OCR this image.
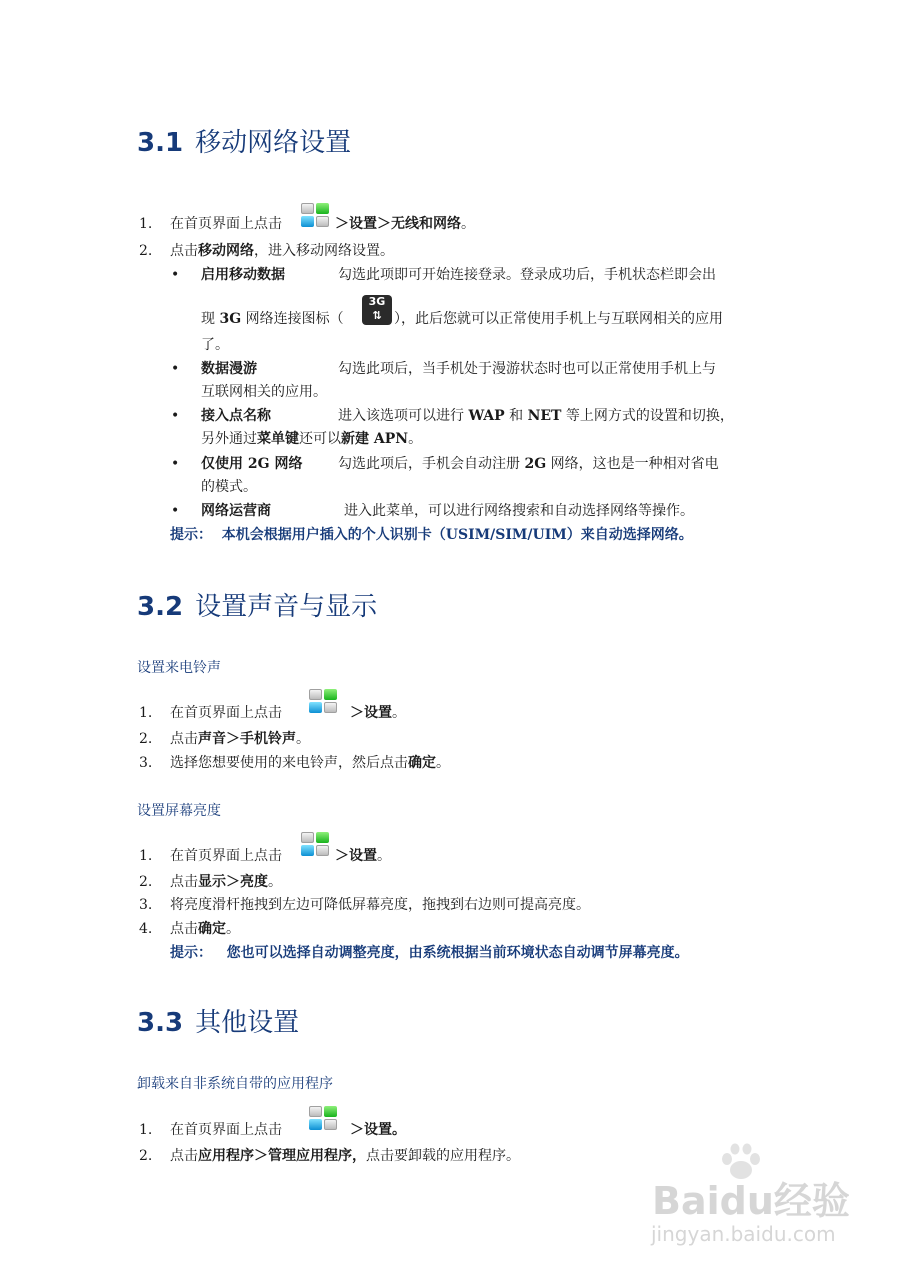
3.1 移动网络设置
1. 在首页界面上点击	＞设置＞无线和网络。
2. 点击移动网络，进入移动网络设置。
• 启用移动数据	勾选此项即可开始连接登录。登录成功后，手机状态栏即会出
现 3G 网络连接图标（
3G
⇅ ），此后您就可以正常使用手机上与互联网相关的应用
了。
• 数据漫游	勾选此项后，当手机处于漫游状态时也可以正常使用手机上与
互联网相关的应用。
• 接入点名称	进入该选项可以进行 WAP 和 NET 等上网方式的设置和切换，
另外通过菜单键还可以新建 APN。
• 仅使用 2G 网络	勾选此项后，手机会自动注册 2G 网络，这也是一种相对省电
的模式。
• 网络运营商	进入此菜单，可以进行网络搜索和自动选择网络等操作。
提示： 本机会根据用户插入的个人识别卡（USIM/SIM/UIM）来自动选择网络。
3.2 设置声音与显示
设置来电铃声
1. 在首页界面上点击	＞设置。
2. 点击声音＞手机铃声。
3. 选择您想要使用的来电铃声，然后点击确定。
设置屏幕亮度
1. 在首页界面上点击	＞设置。
2. 点击显示＞亮度。
3. 将亮度滑杆拖拽到左边可降低屏幕亮度，拖拽到右边则可提高亮度。
4. 点击确定。
提示： 您也可以选择自动调整亮度，由系统根据当前环境状态自动调节屏幕亮度。
3.3 其他设置
卸载来自非系统自带的应用程序
1. 在首页界面上点击	＞设置。
2. 点击应用程序＞管理应用程序，点击要卸载的应用程序。
Baidu经验
jingyan.baidu.com
